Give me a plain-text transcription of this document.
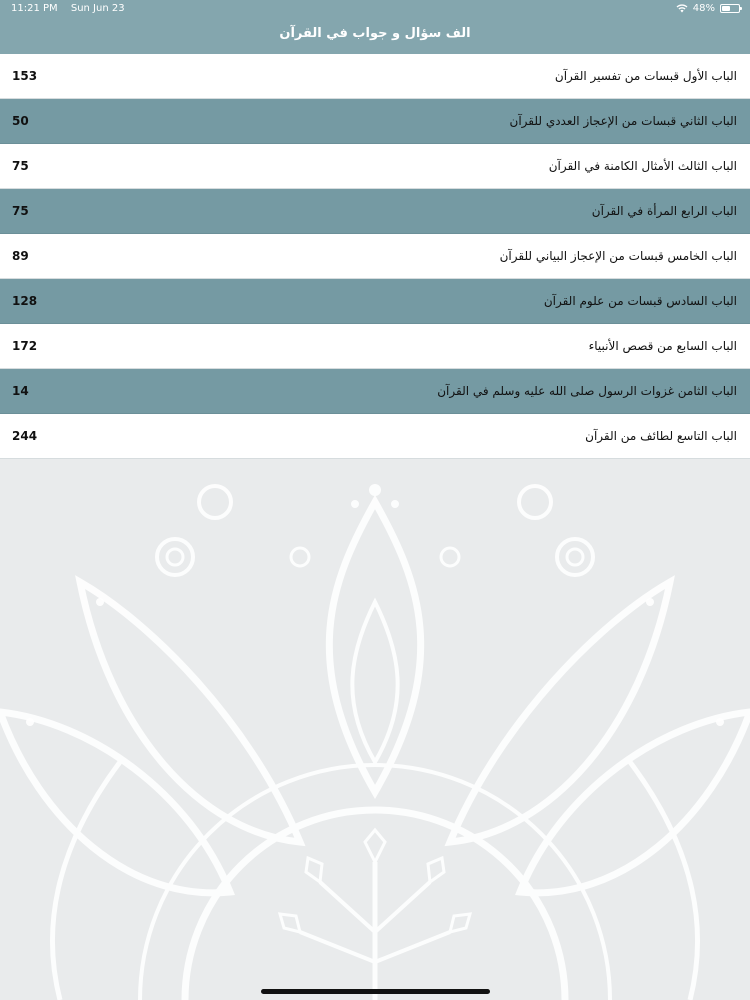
11:21 PM Sun Jun 23	48%
الف سؤال و جواب في القرآن
الباب الأول قبسات من تفسير القرآن
153
الباب الثاني قبسات من الإعجاز العددي للقرآن
50
الباب الثالث الأمثال الكامنة في القرآن
75
الباب الرابع المرأة في القرآن
75
الباب الخامس قبسات من الإعجاز البياني للقرآن
89
الباب السادس قبسات من علوم القرآن
128
الباب السابع من قصص الأنبياء
172
الباب الثامن غزوات الرسول صلى الله عليه وسلم في القرآن
14
الباب التاسع لطائف من القرآن
244
